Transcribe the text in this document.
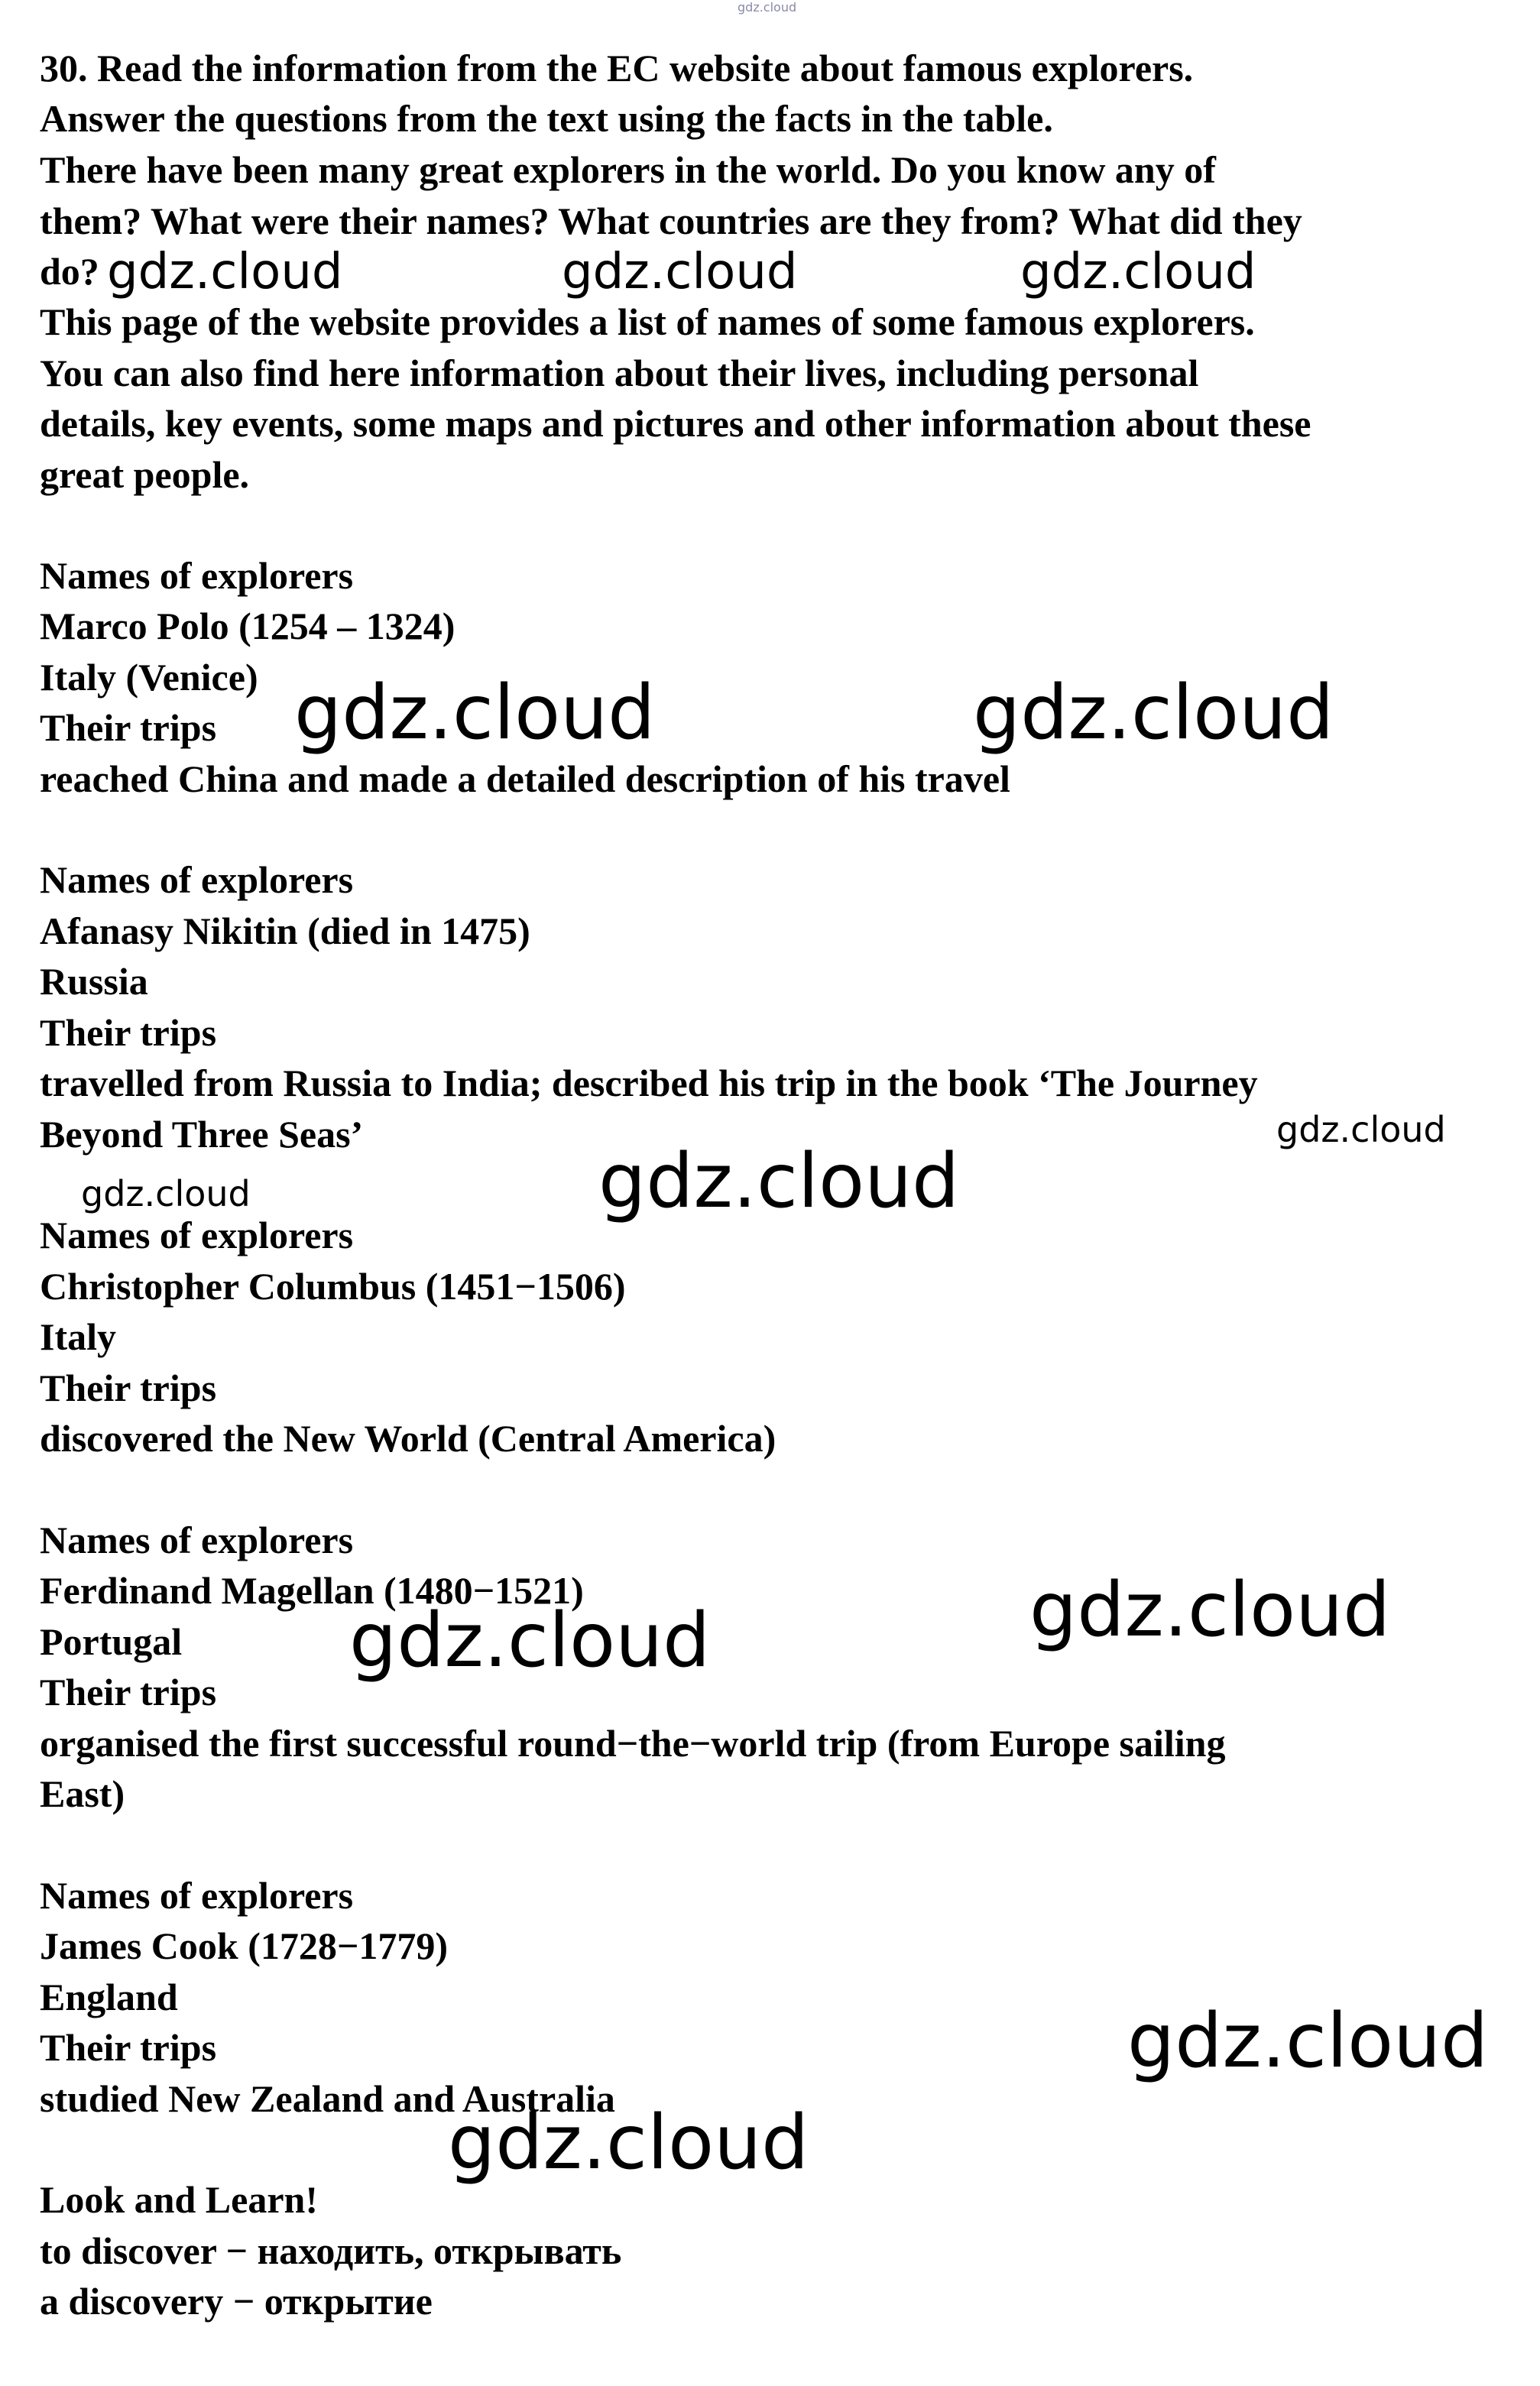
gdz.cloud
30. Read the information from the EC website about famous explorers.
Answer the questions from the text using the facts in the table.
There have been many great explorers in the world. Do you know any of
them? What were their names? What countries are they from? What did they
do?
This page of the website provides a list of names of some famous explorers.
You can also find here information about their lives, including personal
details, key events, some maps and pictures and other information about these
great people.
Names of explorers
Marco Polo (1254 – 1324)
Italy (Venice)
Their trips
reached China and made a detailed description of his travel
Names of explorers
Afanasy Nikitin (died in 1475)
Russia
Their trips
travelled from Russia to India; described his trip in the book ‘The Journey
Beyond Three Seas’
Names of explorers
Christopher Columbus (1451−1506)
Italy
Their trips
discovered the New World (Central America)
Names of explorers
Ferdinand Magellan (1480−1521)
Portugal
Their trips
organised the first successful round−the−world trip (from Europe sailing
East)
Names of explorers
James Cook (1728−1779)
England
Their trips
studied New Zealand and Australia
Look and Learn!
to discover − находить, открывать
a discovery − открытие
gdz.cloud	gdz.cloud	gdz.cloud
gdz.cloud	gdz.cloud
gdz.cloud
gdz.cloud
gdz.cloud
gdz.cloud
gdz.cloud
gdz.cloud
gdz.cloud
